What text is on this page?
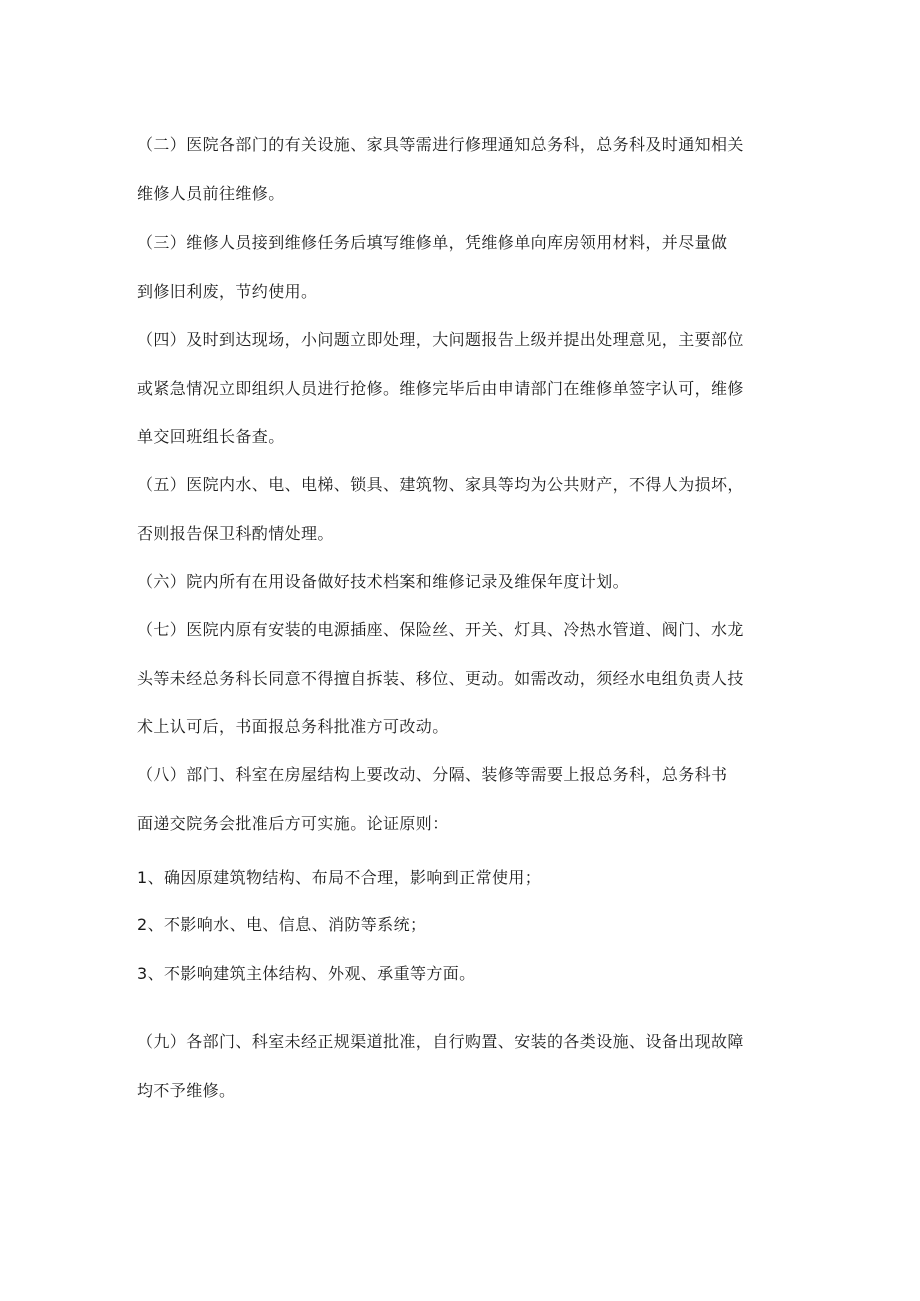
（二）医院各部门的有关设施、家具等需进行修理通知总务科，总务科及时通知相关
维修人员前往维修。
（三）维修人员接到维修任务后填写维修单，凭维修单向库房领用材料，并尽量做
到修旧利废，节约使用。
（四）及时到达现场，小问题立即处理，大问题报告上级并提出处理意见，主要部位
或紧急情况立即组织人员进行抢修。维修完毕后由申请部门在维修单签字认可，维修
单交回班组长备查。
（五）医院内水、电、电梯、锁具、建筑物、家具等均为公共财产，不得人为损坏，
否则报告保卫科酌情处理。
（六）院内所有在用设备做好技术档案和维修记录及维保年度计划。
（七）医院内原有安装的电源插座、保险丝、开关、灯具、冷热水管道、阀门、水龙
头等未经总务科长同意不得擅自拆装、移位、更动。如需改动，须经水电组负责人技
术上认可后，书面报总务科批准方可改动。
（八）部门、科室在房屋结构上要改动、分隔、装修等需要上报总务科，总务科书
面递交院务会批准后方可实施。论证原则：
1、确因原建筑物结构、布局不合理，影响到正常使用；
2、不影响水、电、信息、消防等系统；
3、不影响建筑主体结构、外观、承重等方面。
（九）各部门、科室未经正规渠道批准，自行购置、安装的各类设施、设备出现故障
均不予维修。
